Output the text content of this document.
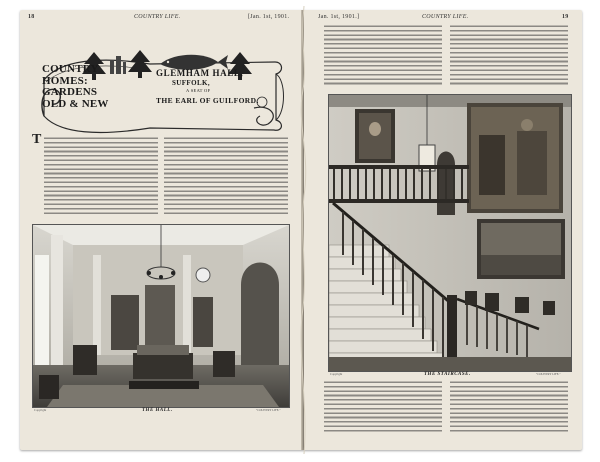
18	COUNTRY LIFE.	[Jan. 1st, 1901.
COUNTRY
HOMES:
GARDENS
OLD & NEW
GLEMHAM HALL,
SUFFOLK,
A SEAT OF
THE EARL OF GUILFORD.
T
Copyright	THE HALL.	"COUNTRY LIFE."
Jan. 1st, 1901.]	COUNTRY LIFE.	19
Copyright	THE STAIRCASE.	"COUNTRY LIFE."
